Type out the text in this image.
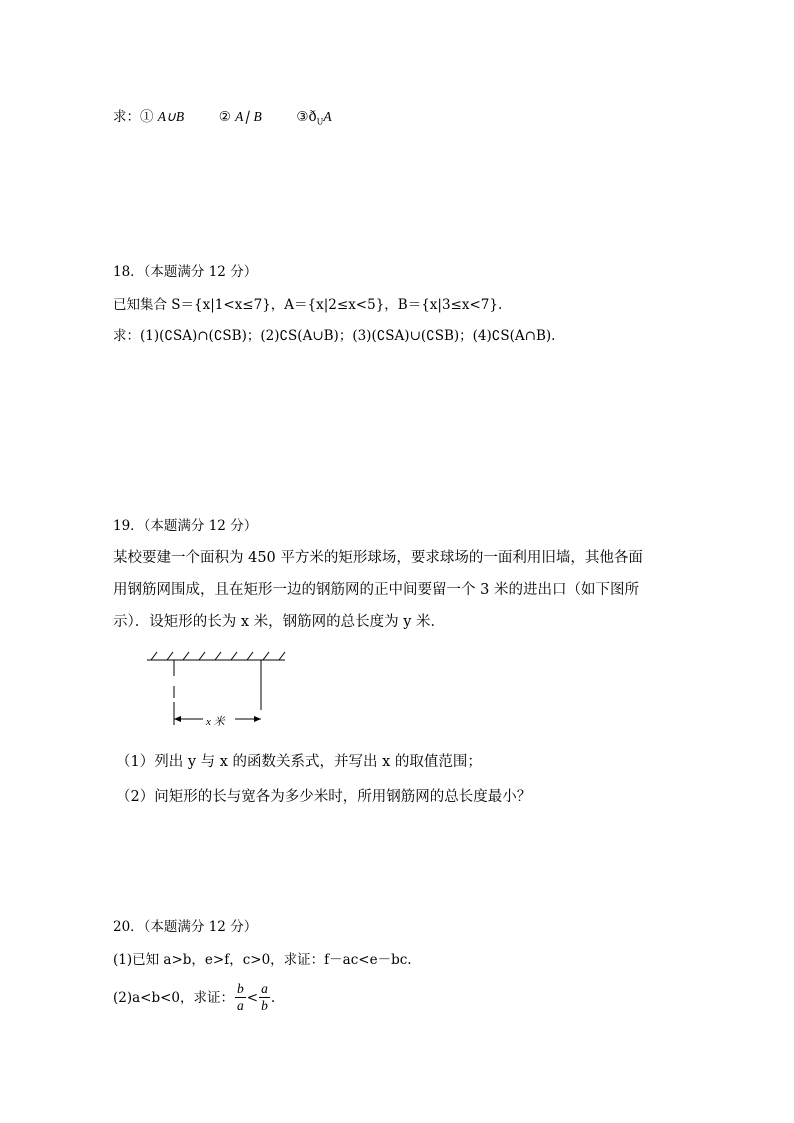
求：① A∪B	② A∣ B	$③ð_UA$
18．（本题满分 12 分）
已知集合 S＝{x|1<x≤7}，A＝{x|2≤x<5}，B＝{x|3≤x<7}.
求：(1)(∁SA)∩(∁SB)；(2)∁S(A∪B)；(3)(∁SA)∪(∁SB)；(4)∁S(A∩B).
19．（本题满分 12 分）
某校要建一个面积为 450 平方米的矩形球场，要求球场的一面利用旧墙，其他各面
用钢筋网围成，且在矩形一边的钢筋网的正中间要留一个 3 米的进出口（如下图所
示）．设矩形的长为 x 米，钢筋网的总长度为 y 米．
x 米
（1）列出 y 与 x 的函数关系式，并写出 x 的取值范围；
（2）问矩形的长与宽各为多少米时，所用钢筋网的总长度最小？
20．（本题满分 12 分）
(1)已知 a>b，e>f，c>0，求证：f－ac<e－bc.
(2)a<b<0，求证： $\frac{b}{a} < \frac{a}{b}$ .
